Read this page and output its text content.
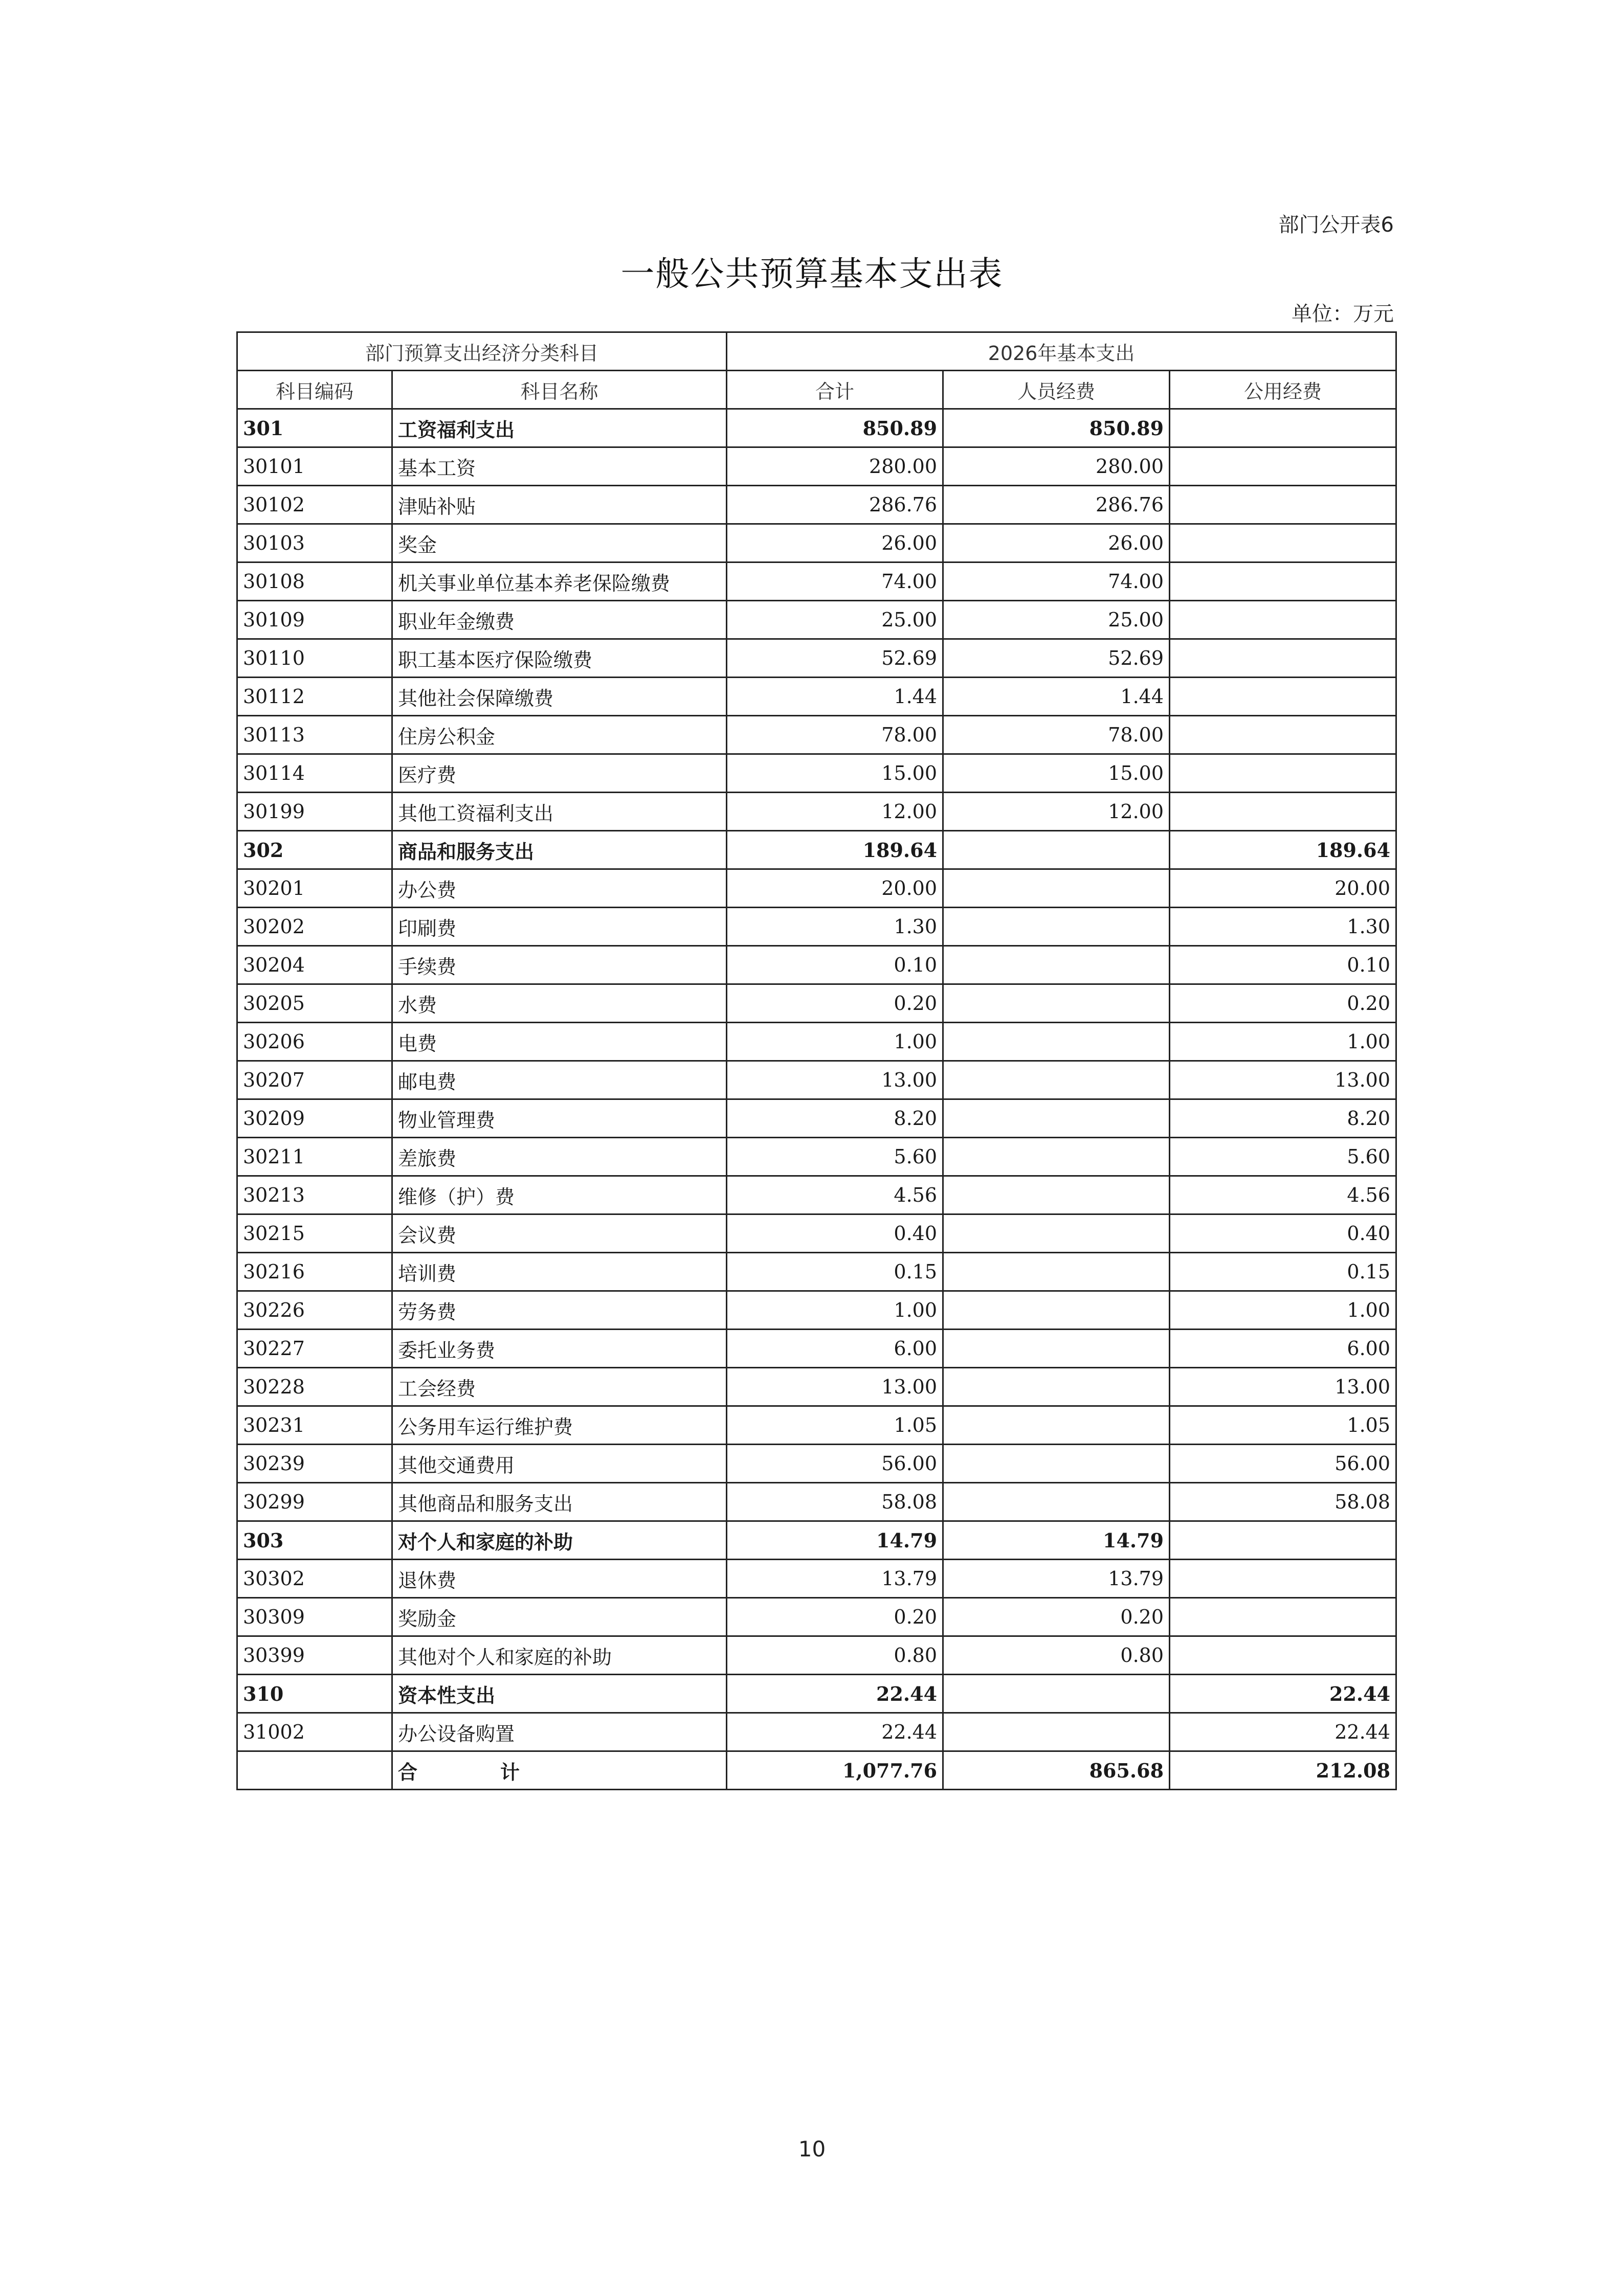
部门公开表6
一般公共预算基本支出表
单位：万元
部门预算支出经济分类科目		2026年基本支出		
科目编码	科目名称	合计	人员经费	公用经费
301	工资福利支出	850.89	850.89	
30101	基本工资	280.00	280.00	
30102	津贴补贴	286.76	286.76	
30103	奖金	26.00	26.00	
30108	机关事业单位基本养老保险缴费	74.00	74.00	
30109	职业年金缴费	25.00	25.00	
30110	职工基本医疗保险缴费	52.69	52.69	
30112	其他社会保障缴费	1.44	1.44	
30113	住房公积金	78.00	78.00	
30114	医疗费	15.00	15.00	
30199	其他工资福利支出	12.00	12.00	
302	商品和服务支出	189.64		189.64
30201	办公费	20.00		20.00
30202	印刷费	1.30		1.30
30204	手续费	0.10		0.10
30205	水费	0.20		0.20
30206	电费	1.00		1.00
30207	邮电费	13.00		13.00
30209	物业管理费	8.20		8.20
30211	差旅费	5.60		5.60
30213	维修（护）费	4.56		4.56
30215	会议费	0.40		0.40
30216	培训费	0.15		0.15
30226	劳务费	1.00		1.00
30227	委托业务费	6.00		6.00
30228	工会经费	13.00		13.00
30231	公务用车运行维护费	1.05		1.05
30239	其他交通费用	56.00		56.00
30299	其他商品和服务支出	58.08		58.08
303	对个人和家庭的补助	14.79	14.79	
30302	退休费	13.79	13.79	
30309	奖励金	0.20	0.20	
30399	其他对个人和家庭的补助	0.80	0.80	
310	资本性支出	22.44		22.44
31002	办公设备购置	22.44		22.44
	合　　　　计	1,077.76	865.68	212.08
10
